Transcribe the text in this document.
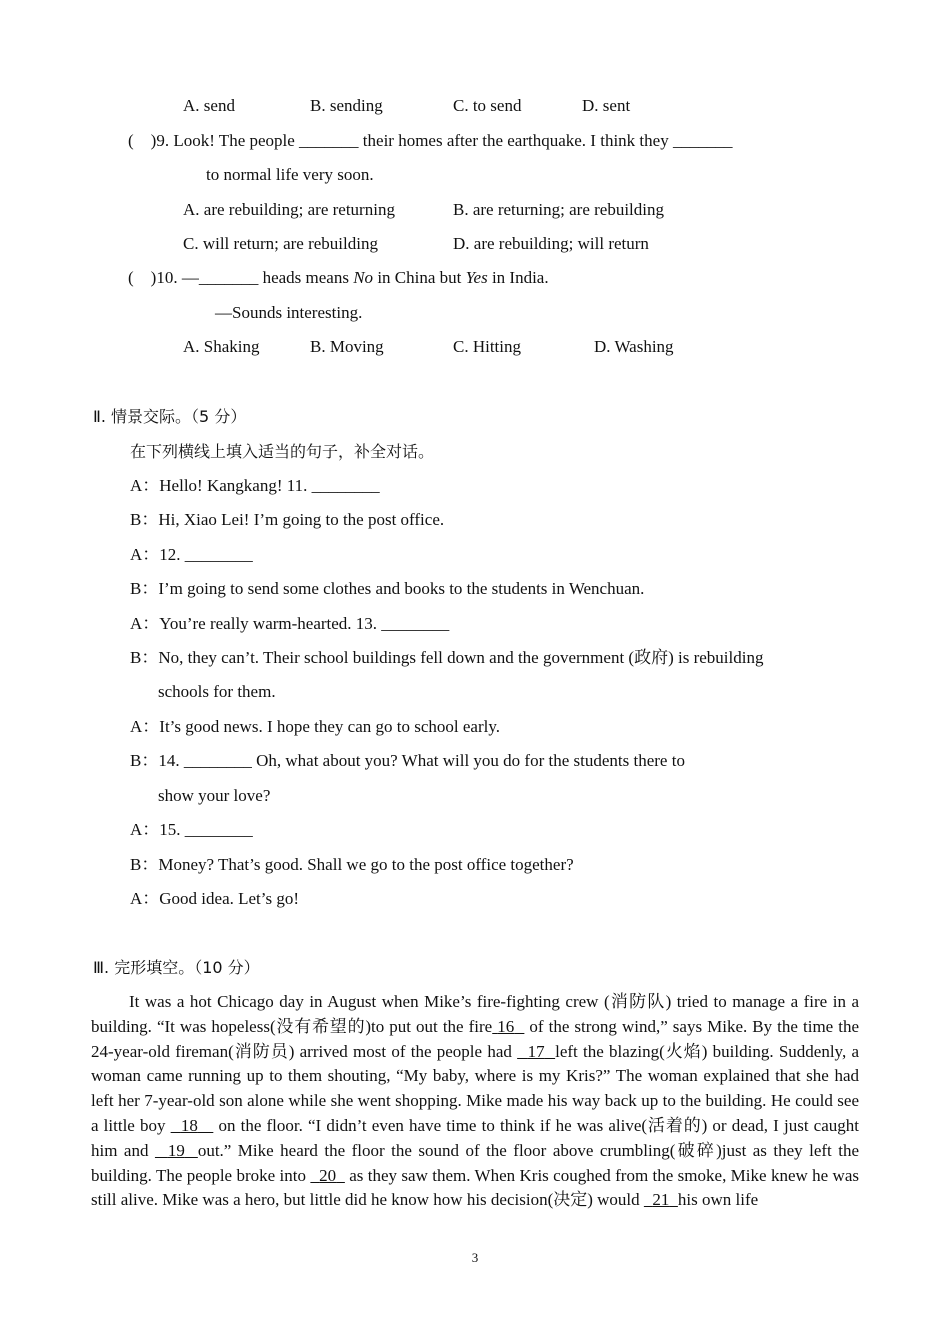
A. send	B. sending	C. to send	D. sent
(　)9. Look! The people _______ their homes after the earthquake. I think they _______
to normal life very soon.
A. are rebuilding; are returning	B. are returning; are rebuilding
C. will return; are rebuilding	D. are rebuilding; will return
(　)10. —_______ heads means No in China but Yes in India.
—Sounds interesting.
A. Shaking	B. Moving	C. Hitting	D. Washing
Ⅱ. 情景交际。（5 分）
在下列横线上填入适当的句子，补全对话。
A：Hello! Kangkang! 11. ________
B：Hi, Xiao Lei! I’m going to the post office.
A：12. ________
B：I’m going to send some clothes and books to the students in Wenchuan.
A：You’re really warm-hearted. 13. ________
B：No, they can’t. Their school buildings fell down and the government (政府) is rebuilding
schools for them.
A：It’s good news. I hope they can go to school early.
B：14. ________ Oh, what about you? What will you do for the students there to
show your love?
A：15. ________
B：Money? That’s good. Shall we go to the post office together?
A：Good idea. Let’s go!
Ⅲ. 完形填空。（10 分）
It was a hot Chicago day in August when Mike’s fire-fighting crew (消防队) tried to manage a fire in a building. “It was hopeless(没有希望的)to put out the fire 16   of the strong wind,” says Mike. By the time the 24-year-old fireman(消防员) arrived most of the people had   17 left the blazing(火焰) building. Suddenly, a woman came running up to them shouting, “My baby, where is my Kris?” The woman explained that she had left her 7-year-old son alone while she went shopping. Mike made his way back up to the building. He could see a little boy   18    on the floor. “I didn’t even have time to think if he was alive(活着的) or dead, I just caught him and   19 out.” Mike heard the floor the sound of the floor above crumbling(破碎)just as they left the building. The people broke into   20   as they saw them. When Kris coughed from the smoke, Mike knew he was still alive. Mike was a hero, but little did he know how his decision(决定) would   21 his own life
3
